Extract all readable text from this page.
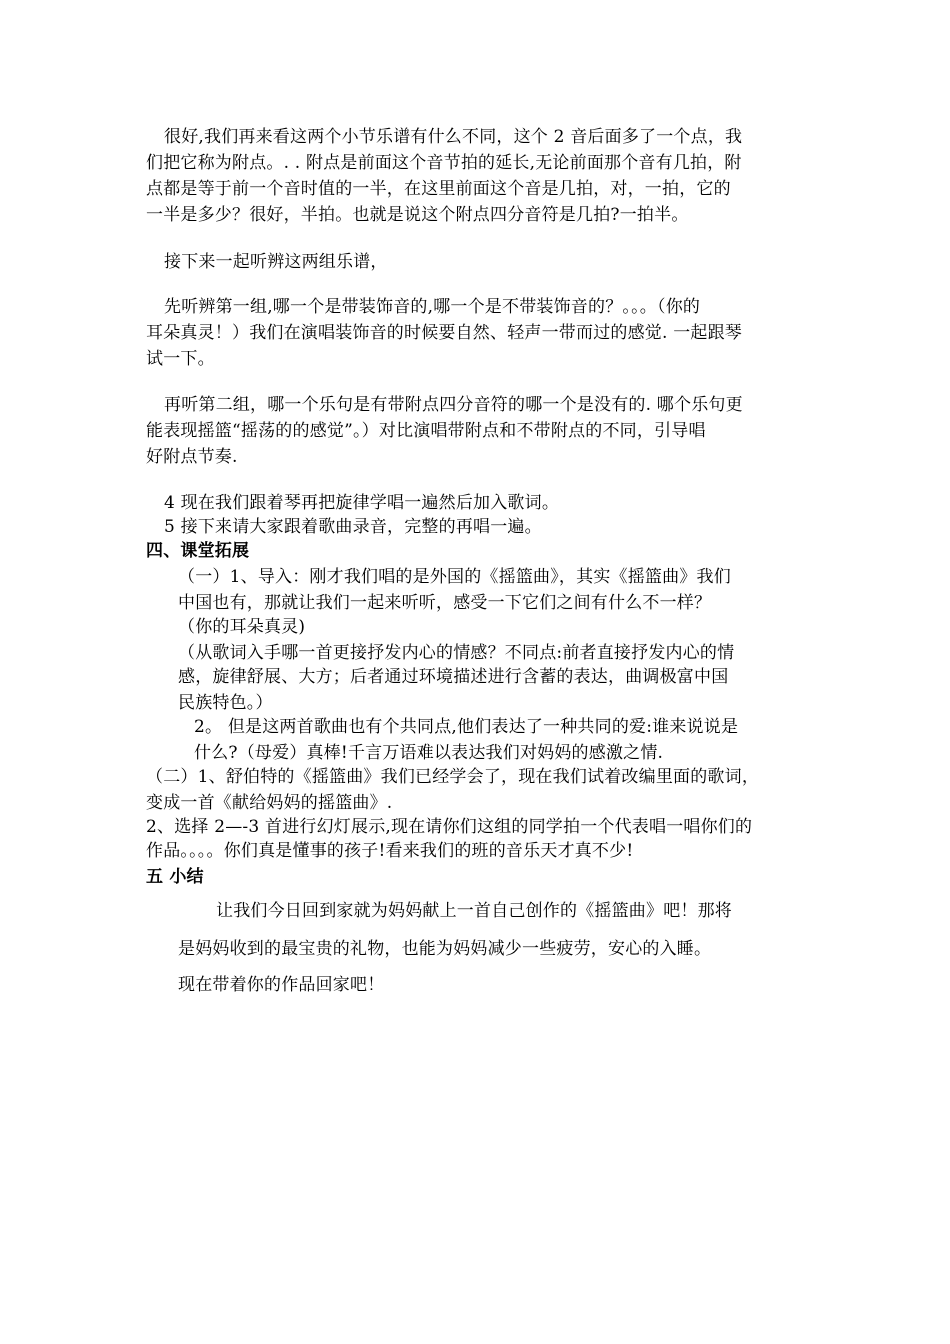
很好,我们再来看这两个小节乐谱有什么不同，这个 2 音后面多了一个点，我
们把它称为附点。. . 附点是前面这个音节拍的延长,无论前面那个音有几拍，附
点都是等于前一个音时值的一半，在这里前面这个音是几拍，对，一拍，它的
一半是多少？很好，半拍。也就是说这个附点四分音符是几拍?一拍半。
接下来一起听辨这两组乐谱，
先听辨第一组,哪一个是带装饰音的,哪一个是不带装饰音的？。。。（你的
耳朵真灵！）我们在演唱装饰音的时候要自然、轻声一带而过的感觉. 一起跟琴
试一下。
再听第二组，哪一个乐句是有带附点四分音符的哪一个是没有的. 哪个乐句更
能表现摇篮“摇荡的的感觉”。）对比演唱带附点和不带附点的不同，引导唱
好附点节奏.
4 现在我们跟着琴再把旋律学唱一遍然后加入歌词。
5 接下来请大家跟着歌曲录音，完整的再唱一遍。
四、课堂拓展
（一）1、导入：刚才我们唱的是外国的《摇篮曲》，其实《摇篮曲》我们
中国也有，那就让我们一起来听听，感受一下它们之间有什么不一样？
（你的耳朵真灵)
（从歌词入手哪一首更接抒发内心的情感？不同点:前者直接抒发内心的情
感，旋律舒展、大方；后者通过环境描述进行含蓄的表达，曲调极富中国
民族特色。）
2。 但是这两首歌曲也有个共同点,他们表达了一种共同的爱:谁来说说是
什么?（母爱）真棒!千言万语难以表达我们对妈妈的感激之情.
（二）1、舒伯特的《摇篮曲》我们已经学会了，现在我们试着改编里面的歌词，
变成一首《献给妈妈的摇篮曲》.
2、选择 2—-3 首进行幻灯展示,现在请你们这组的同学拍一个代表唱一唱你们的
作品。。。。你们真是懂事的孩子!看来我们的班的音乐天才真不少!
五 小结
让我们今日回到家就为妈妈献上一首自己创作的《摇篮曲》吧！那将
是妈妈收到的最宝贵的礼物，也能为妈妈减少一些疲劳，安心的入睡。
现在带着你的作品回家吧！
